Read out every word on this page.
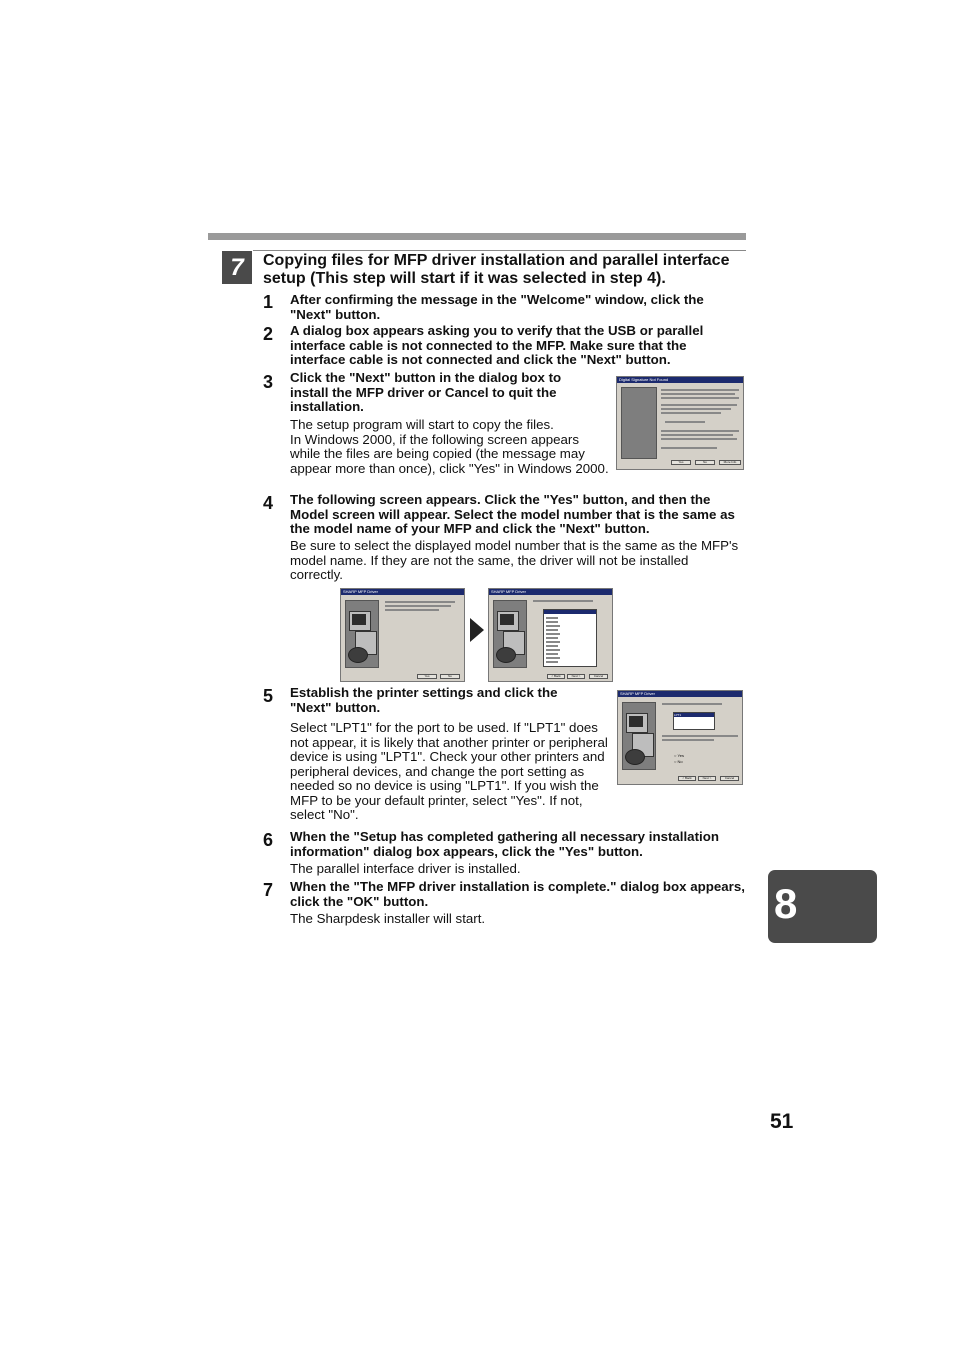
7	Copying files for MFP driver installation and parallel interface setup (This step will start if it was selected in step 4).
1	After confirming the message in the "Welcome" window, click the "Next" button.
2	A dialog box appears asking you to verify that the USB or parallel interface cable is not connected to the MFP. Make sure that the interface cable is not connected and click the "Next" button.
3	Click the "Next" button in the dialog box to install the MFP driver or Cancel to quit the installation.
The setup program will start to copy the files.
In Windows 2000, if the following screen appears while the files are being copied (the message may appear more than once), click "Yes" in Windows 2000.
Digital Signature Not Found
Yes	No	More Info
4	The following screen appears. Click the "Yes" button, and then the Model screen will appear. Select the model number that is the same as the model name of your MFP and click the "Next" button.
Be sure to select the displayed model number that is the same as the MFP's model name. If they are not the same, the driver will not be installed correctly.
SHARP MFP Driver
Yes	No
SHARP MFP Driver
< Back	Next >	Cancel
5	Establish the printer settings and click the "Next" button.
Select "LPT1" for the port to be used. If "LPT1" does not appear, it is likely that another printer or peripheral device is using "LPT1". Check your other printers and peripheral devices, and change the port setting as needed so no device is using "LPT1". If you wish the MFP to be your default printer, select "Yes". If not, select "No".
SHARP MFP Driver
LPT1
○ Yes
○ No
< Back	Next >	Cancel
6	When the "Setup has completed gathering all necessary installation information" dialog box appears, click the "Yes" button.
The parallel interface driver is installed.
7	When the "The MFP driver installation is complete." dialog box appears, click the "OK" button.
The Sharpdesk installer will start.	8
51
